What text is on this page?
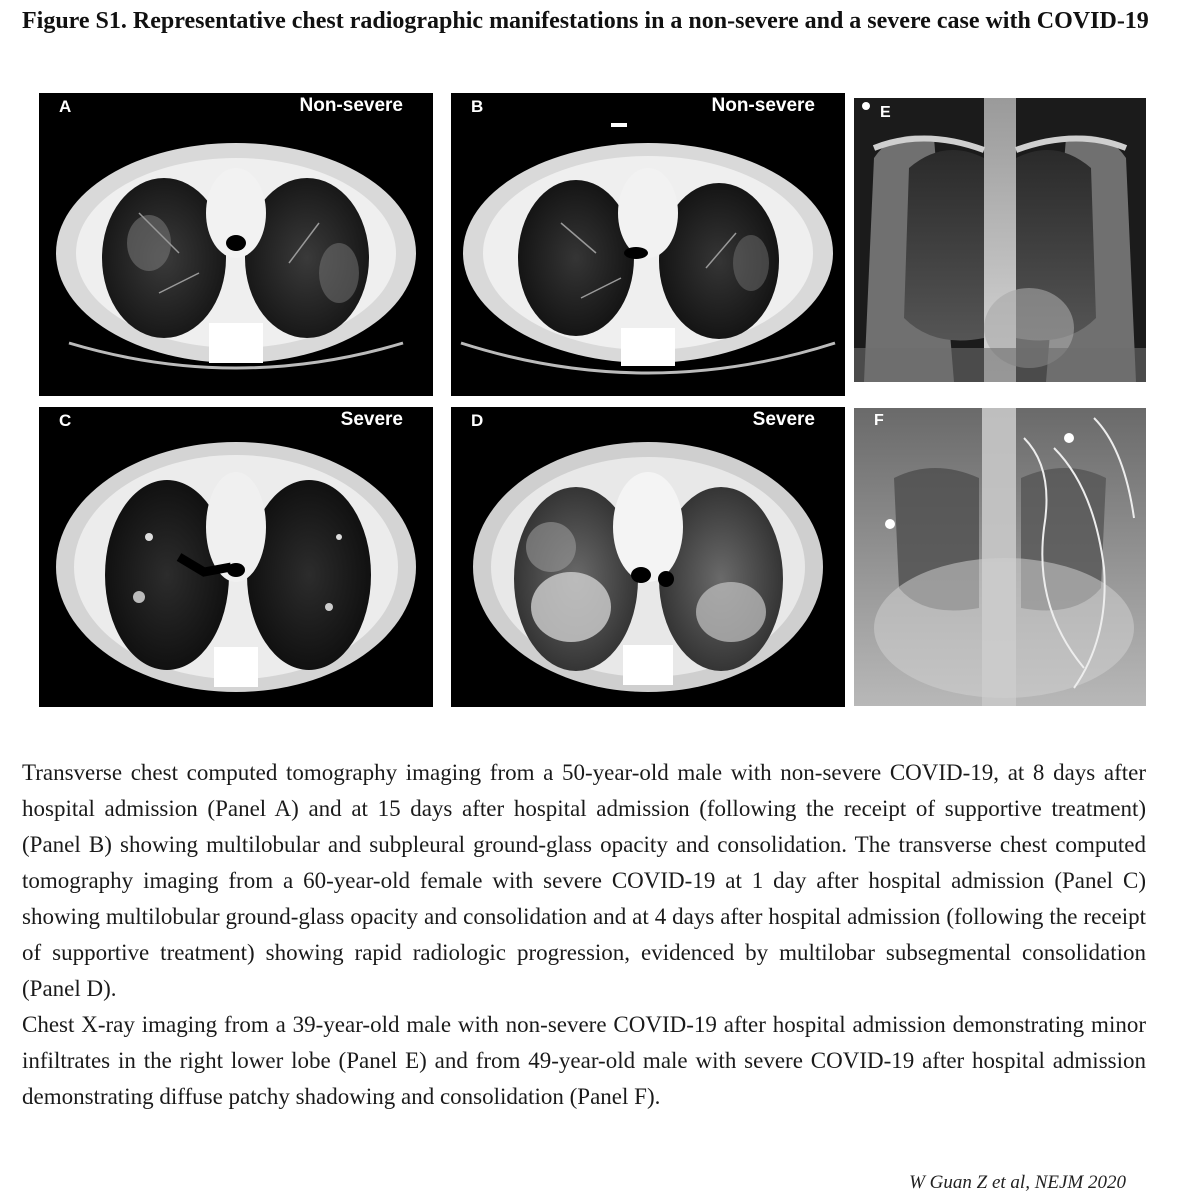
Figure S1. Representative chest radiographic manifestations in a non-severe and a severe case with COVID-19
A	Non-severe	B	Non-severe
C	Severe	D	Severe
E
F

Transverse chest computed tomography imaging from a 50-year-old male with non-severe COVID-19, at 8 days after hospital admission (Panel A) and at 15 days after hospital admission (following the receipt of supportive treatment) (Panel B) showing multilobular and subpleural ground-glass opacity and consolidation. The transverse chest computed tomography imaging from a 60-year-old female with severe COVID-19 at 1 day after hospital admission (Panel C) showing multilobular ground-glass opacity and consolidation and at 4 days after hospital admission (following the receipt of supportive treatment) showing rapid radiologic progression, evidenced by multilobar subsegmental consolidation (Panel D).

Chest X-ray imaging from a 39-year-old male with non-severe COVID-19 after hospital admission demonstrating minor infiltrates in the right lower lobe (Panel E) and from 49-year-old male with severe COVID-19 after hospital admission demonstrating diffuse patchy shadowing and consolidation (Panel F).

W Guan Z et al, NEJM 2020
